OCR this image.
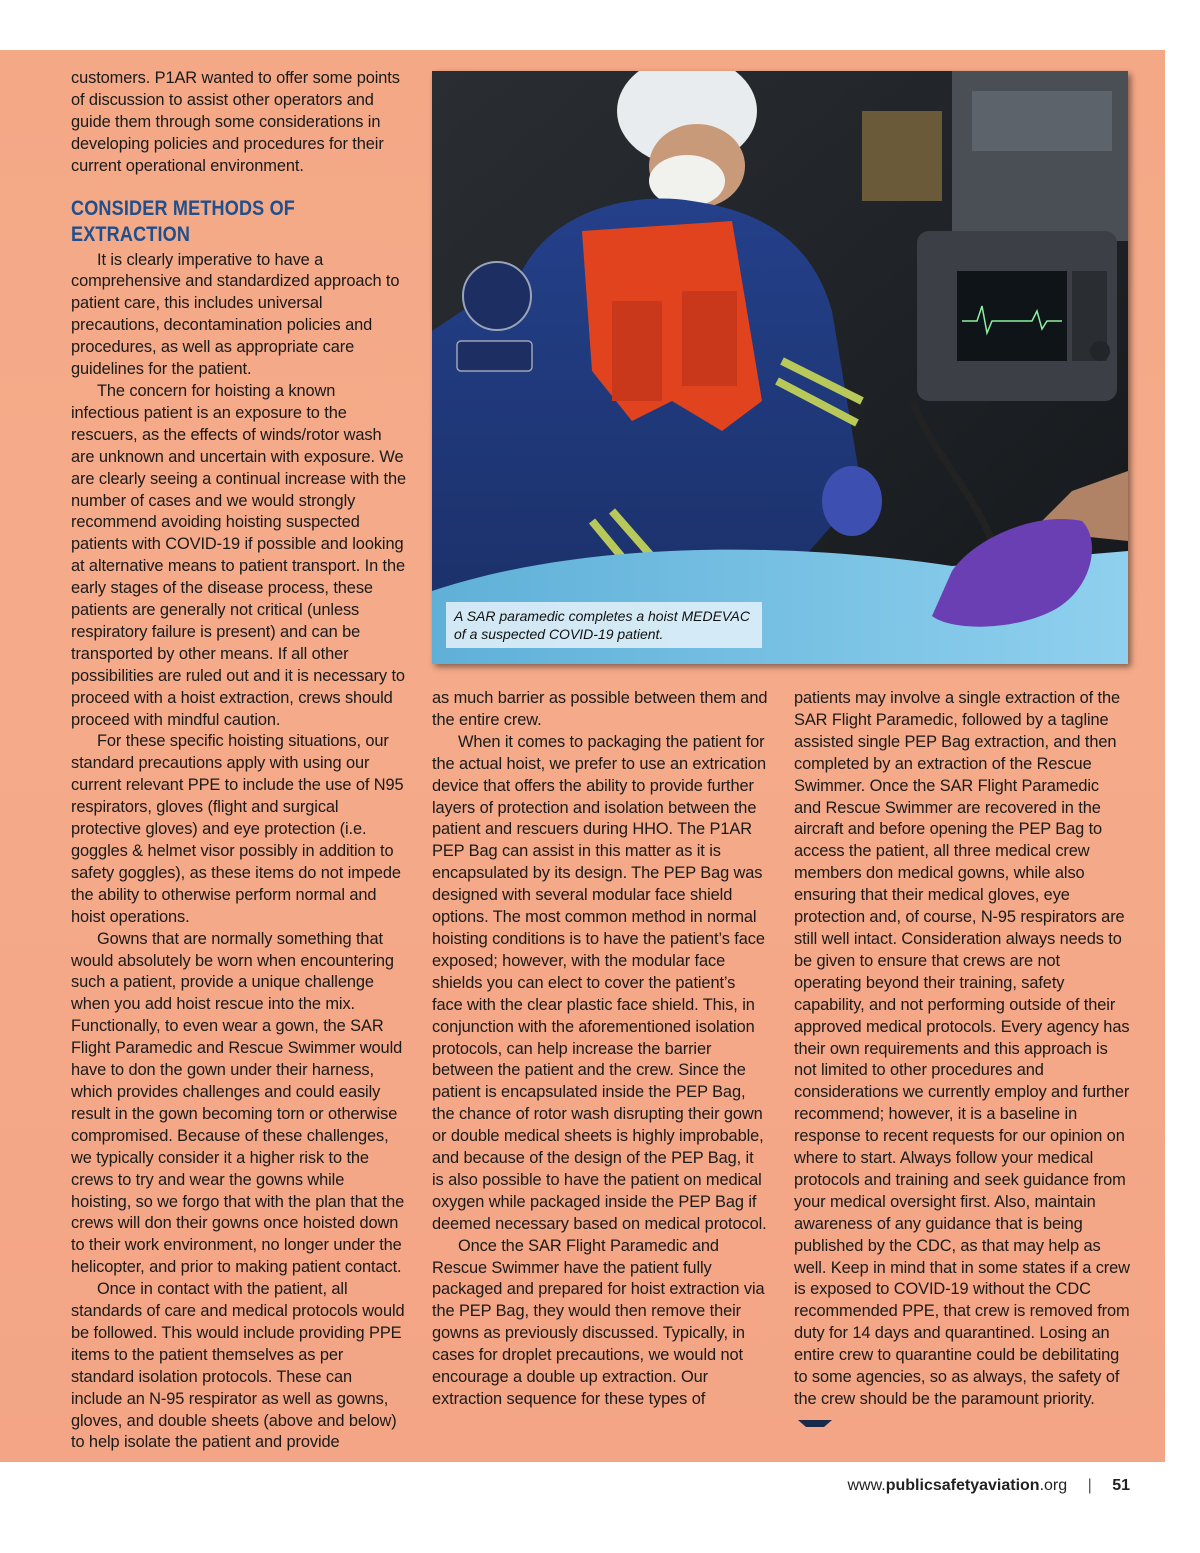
customers. P1AR wanted to offer some points of discussion to assist other operators and guide them through some considerations in developing policies and procedures for their current operational environment.

CONSIDER METHODS OF EXTRACTION

It is clearly imperative to have a comprehensive and standardized approach to patient care, this includes universal precautions, decontamination policies and procedures, as well as appropriate care guidelines for the patient.

The concern for hoisting a known infectious patient is an exposure to the rescuers, as the effects of winds/rotor wash are unknown and uncertain with exposure. We are clearly seeing a continual increase with the number of cases and we would strongly recommend avoiding hoisting suspected patients with COVID-19 if possible and looking at alternative means to patient transport. In the early stages of the disease process, these patients are generally not critical (unless respiratory failure is present) and can be transported by other means. If all other possibilities are ruled out and it is necessary to proceed with a hoist extraction, crews should proceed with mindful caution.

For these specific hoisting situations, our standard precautions apply with using our current relevant PPE to include the use of N95 respirators, gloves (flight and surgical protective gloves) and eye protection (i.e. goggles & helmet visor possibly in addition to safety goggles), as these items do not impede the ability to otherwise perform normal and hoist operations.

Gowns that are normally something that would absolutely be worn when encountering such a patient, provide a unique challenge when you add hoist rescue into the mix. Functionally, to even wear a gown, the SAR Flight Paramedic and Rescue Swimmer would have to don the gown under their harness, which provides challenges and could easily result in the gown becoming torn or otherwise compromised. Because of these challenges, we typically consider it a higher risk to the crews to try and wear the gowns while hoisting, so we forgo that with the plan that the crews will don their gowns once hoisted down to their work environment, no longer under the helicopter, and prior to making patient contact.

Once in contact with the patient, all standards of care and medical protocols would be followed. This would include providing PPE items to the patient themselves as per standard isolation protocols. These can include an N-95 respirator as well as gowns, gloves, and double sheets (above and below) to help isolate the patient and provide

A SAR paramedic completes a hoist MEDEVAC of a suspected COVID-19 patient.

as much barrier as possible between them and the entire crew.

When it comes to packaging the patient for the actual hoist, we prefer to use an extrication device that offers the ability to provide further layers of protection and isolation between the patient and rescuers during HHO. The P1AR PEP Bag can assist in this matter as it is encapsulated by its design. The PEP Bag was designed with several modular face shield options. The most common method in normal hoisting conditions is to have the patient’s face exposed; however, with the modular face shields you can elect to cover the patient’s face with the clear plastic face shield. This, in conjunction with the aforementioned isolation protocols, can help increase the barrier between the patient and the crew. Since the patient is encapsulated inside the PEP Bag, the chance of rotor wash disrupting their gown or double medical sheets is highly improbable, and because of the design of the PEP Bag, it is also possible to have the patient on medical oxygen while packaged inside the PEP Bag if deemed necessary based on medical protocol.

Once the SAR Flight Paramedic and Rescue Swimmer have the patient fully packaged and prepared for hoist extraction via the PEP Bag, they would then remove their gowns as previously discussed. Typically, in cases for droplet precautions, we would not encourage a double up extraction. Our extraction sequence for these types of

patients may involve a single extraction of the SAR Flight Paramedic, followed by a tagline assisted single PEP Bag extraction, and then completed by an extraction of the Rescue Swimmer. Once the SAR Flight Paramedic and Rescue Swimmer are recovered in the aircraft and before opening the PEP Bag to access the patient, all three medical crew members don medical gowns, while also ensuring that their medical gloves, eye protection and, of course, N-95 respirators are still well intact. Consideration always needs to be given to ensure that crews are not operating beyond their training, safety capability, and not performing outside of their approved medical protocols. Every agency has their own requirements and this approach is not limited to other procedures and considerations we currently employ and further recommend; however, it is a baseline in response to recent requests for our opinion on where to start. Always follow your medical protocols and training and seek guidance from your medical oversight first. Also, maintain awareness of any guidance that is being published by the CDC, as that may help as well. Keep in mind that in some states if a crew is exposed to COVID-19 without the CDC recommended PPE, that crew is removed from duty for 14 days and quarantined. Losing an entire crew to quarantine could be debilitating to some agencies, so as always, the safety of the crew should be the paramount priority.

www.publicsafetyaviation.org | 51
